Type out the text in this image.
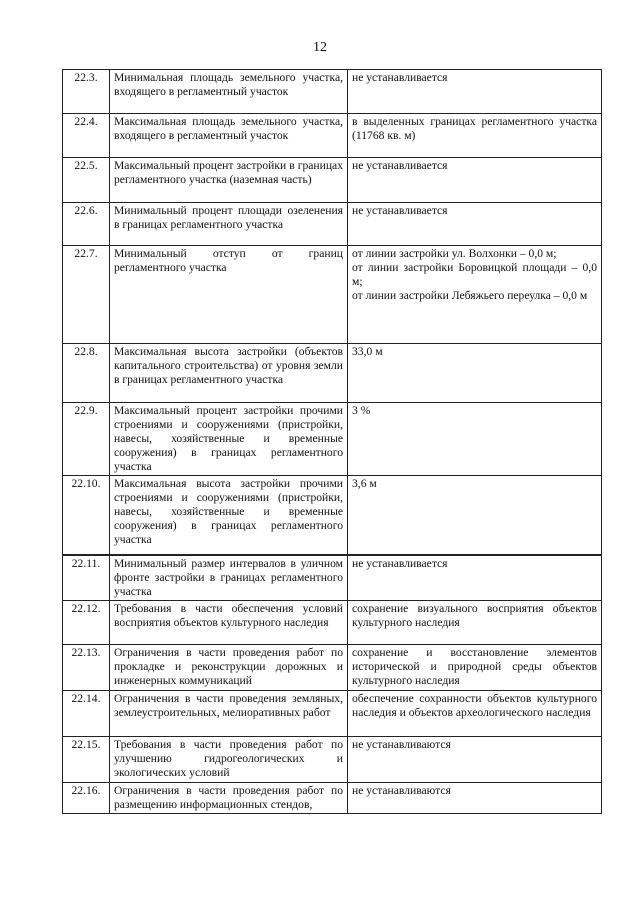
12
22.3.	Минимальная площадь земельного участка, входящего в регламентный участок	не устанавливается

22.4.	Максимальная площадь земельного участка, входящего в регламентный участок	в выделенных границах регламентного участка (11768 кв. м)

22.5.	Максимальный процент застройки в границах регламентного участка (наземная часть)	не устанавливается

22.6.	Минимальный процент площади озеленения в границах регламентного участка	не устанавливается

22.7.	Минимальный отступ от границ регламентного участка	от линии застройки ул. Волхонки – 0,0 м;
от линии застройки Боровицкой площади – 0,0 м;
от линии застройки Лебяжьего переулка – 0,0 м

22.8.	Максимальная высота застройки (объектов капитального строительства) от уровня земли в границах регламентного участка	33,0 м

22.9.	Максимальный процент застройки прочими строениями и сооружениями (пристройки, навесы, хозяйственные и временные сооружения) в границах регламентного участка	3 %

22.10.	Максимальная высота застройки прочими строениями и сооружениями (пристройки, навесы, хозяйственные и временные сооружения) в границах регламентного участка	3,6 м

22.11.	Минимальный размер интервалов в уличном фронте застройки в границах регламентного участка	не устанавливается

22.12.	Требования в части обеспечения условий восприятия объектов культурного наследия	сохранение визуального восприятия объектов культурного наследия

22.13.	Ограничения в части проведения работ по прокладке и реконструкции дорожных и инженерных коммуникаций	сохранение и восстановление элементов исторической и природной среды объектов культурного наследия

22.14.	Ограничения в части проведения земляных, землеустроительных, мелиоративных работ	обеспечение сохранности объектов культурного наследия и объектов археологического наследия

22.15.	Требования в части проведения работ по улучшению гидрогеологических и экологических условий	не устанавливаются

22.16.	Ограничения в части проведения работ по размещению информационных стендов,	не устанавливаются
